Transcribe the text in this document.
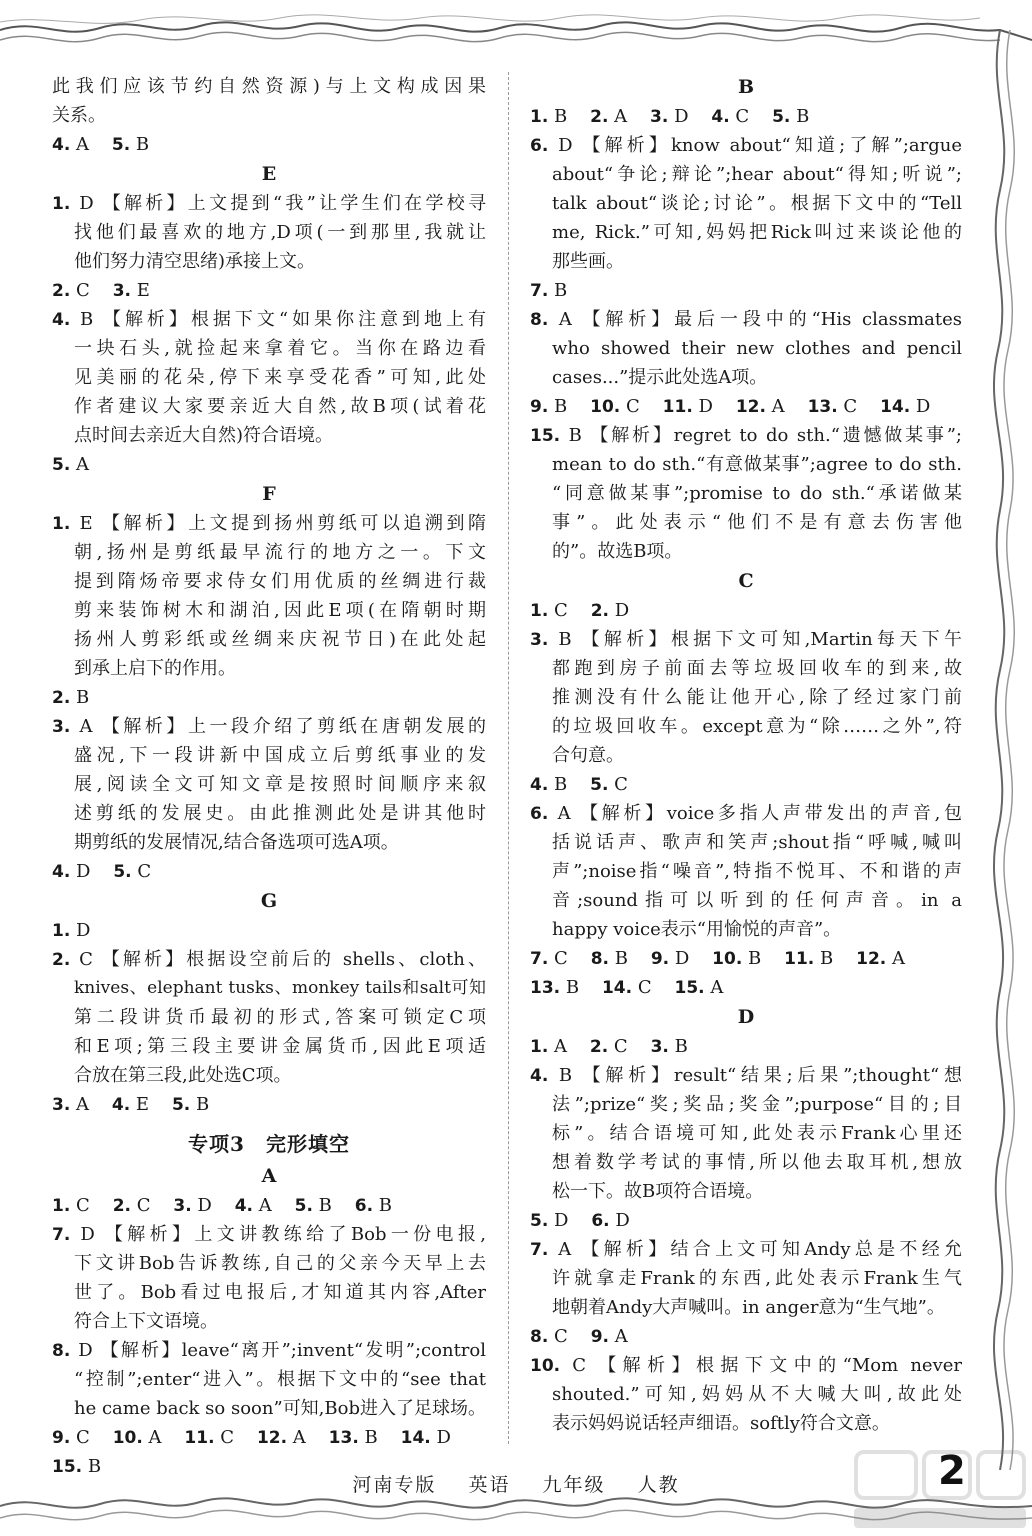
此我们应该节约自然资源)与上文构成因果
关系。
4. A    5. B
E
1. D 【解析】上文提到“我”让学生们在学校寻
找他们最喜欢的地方,D项(一到那里,我就让
他们努力清空思绪)承接上文。
2. C    3. E
4. B 【解析】根据下文“如果你注意到地上有
一块石头,就捡起来拿着它。当你在路边看
见美丽的花朵,停下来享受花香”可知,此处
作者建议大家要亲近大自然,故B项(试着花
点时间去亲近大自然)符合语境。
5. A
F
1. E 【解析】上文提到扬州剪纸可以追溯到隋
朝,扬州是剪纸最早流行的地方之一。下文
提到隋炀帝要求侍女们用优质的丝绸进行裁
剪来装饰树木和湖泊,因此E项(在隋朝时期
扬州人剪彩纸或丝绸来庆祝节日)在此处起
到承上启下的作用。
2. B
3. A 【解析】上一段介绍了剪纸在唐朝发展的
盛况,下一段讲新中国成立后剪纸事业的发
展,阅读全文可知文章是按照时间顺序来叙
述剪纸的发展史。由此推测此处是讲其他时
期剪纸的发展情况,结合备选项可选A项。
4. D    5. C
G
1. D
2. C 【解析】根据设空前后的 shells、cloth、
knives、elephant tusks、monkey tails和salt可知
第二段讲货币最初的形式,答案可锁定C项
和E项;第三段主要讲金属货币,因此E项适
合放在第三段,此处选C项。
3. A    4. E    5. B
专项3　完形填空
A
1. C    2. C    3. D    4. A    5. B    6. B
7. D 【解析】上文讲教练给了Bob一份电报,
下文讲Bob告诉教练,自己的父亲今天早上去
世了。Bob看过电报后,才知道其内容,After
符合上下文语境。
8. D 【解析】leave“离开”;invent“发明”;control
“控制”;enter“进入”。根据下文中的“see that
he came back so soon”可知,Bob进入了足球场。
9. C    10. A    11. C    12. A    13. B    14. D
15. B
B
1. B    2. A    3. D    4. C    5. B
6. D 【解析】know about“知道;了解”;argue
about“争论;辩论”;hear about“得知;听说”;
talk about“谈论;讨论”。根据下文中的“Tell
me, Rick.”可知,妈妈把Rick叫过来谈论他的
那些画。
7. B
8. A 【解析】最后一段中的“His classmates
who showed their new clothes and pencil
cases...”提示此处选A项。
9. B    10. C    11. D    12. A    13. C    14. D
15. B 【解析】regret to do sth.“遗憾做某事”;
mean to do sth.“有意做某事”;agree to do sth.
“同意做某事”;promise to do sth.“承诺做某
事”。此处表示“他们不是有意去伤害他
的”。故选B项。
C
1. C    2. D
3. B 【解析】根据下文可知,Martin每天下午
都跑到房子前面去等垃圾回收车的到来,故
推测没有什么能让他开心,除了经过家门前
的垃圾回收车。except意为“除……之外”,符
合句意。
4. B    5. C
6. A 【解析】voice多指人声带发出的声音,包
括说话声、歌声和笑声;shout指“呼喊,喊叫
声”;noise指“噪音”,特指不悦耳、不和谐的声
音;sound指可以听到的任何声音。in a
happy voice表示“用愉悦的声音”。
7. C    8. B    9. D    10. B    11. B    12. A
13. B    14. C    15. A
D
1. A    2. C    3. B
4. B 【解析】result“结果;后果”;thought“想
法”;prize“奖;奖品;奖金”;purpose“目的;目
标”。结合语境可知,此处表示Frank心里还
想着数学考试的事情,所以他去取耳机,想放
松一下。故B项符合语境。
5. D    6. D
7. A 【解析】结合上文可知Andy总是不经允
许就拿走Frank的东西,此处表示Frank生气
地朝着Andy大声喊叫。in anger意为“生气地”。
8. C    9. A
10. C 【解析】根据下文中的“Mom never
shouted.”可知,妈妈从不大喊大叫,故此处
表示妈妈说话轻声细语。softly符合文意。
河南专版 英语 九年级 人教	2
